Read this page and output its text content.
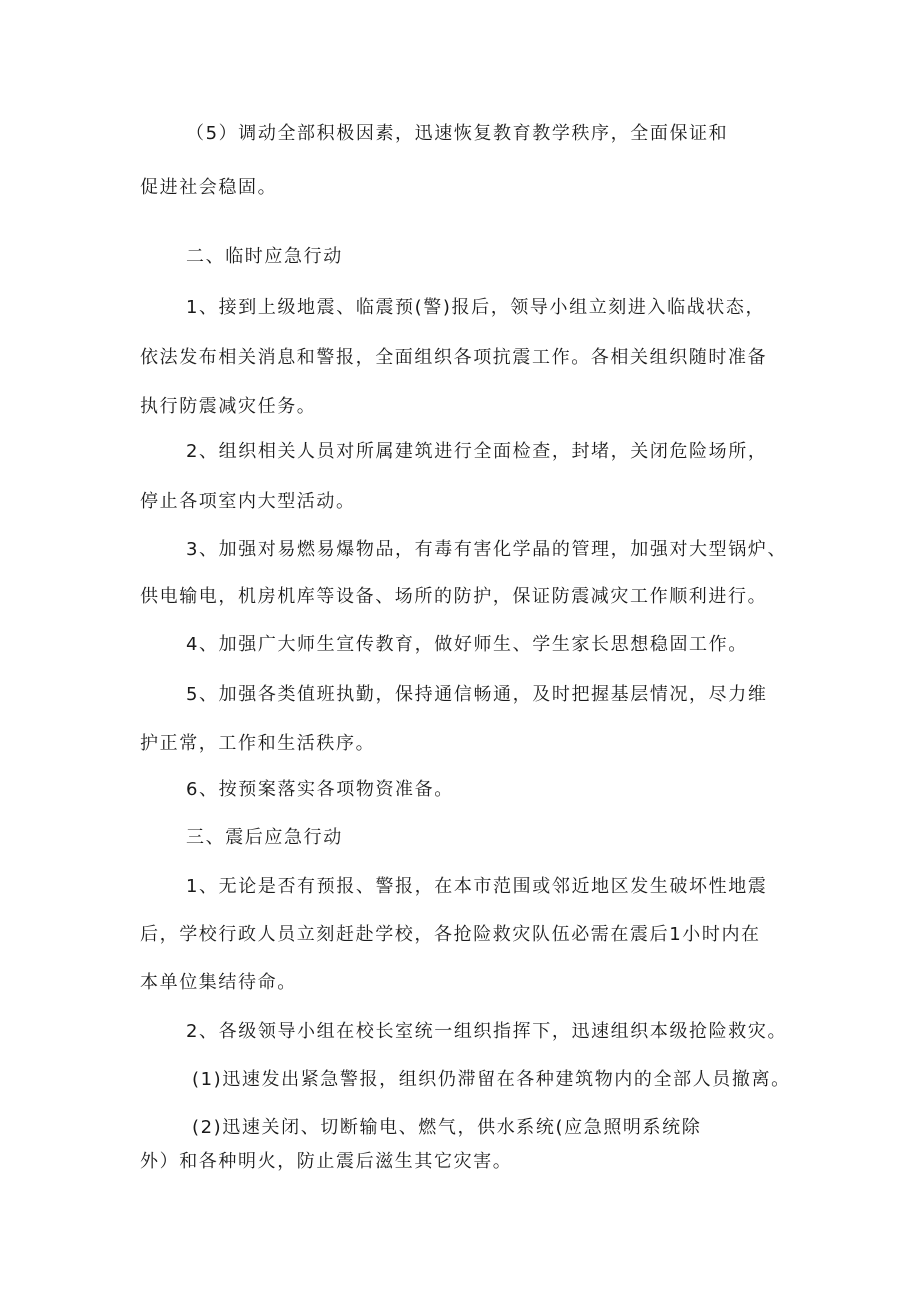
（5）调动全部积极因素，迅速恢复教育教学秩序，全面保证和
促进社会稳固。
二、临时应急行动
1、接到上级地震、临震预(警)报后，领导小组立刻进入临战状态，
依法发布相关消息和警报，全面组织各项抗震工作。各相关组织随时准备
执行防震减灾任务。
2、组织相关人员对所属建筑进行全面检查，封堵，关闭危险场所，
停止各项室内大型活动。
3、加强对易燃易爆物品，有毒有害化学晶的管理，加强对大型锅炉、
供电输电，机房机库等设备、场所的防护，保证防震减灾工作顺利进行。
4、加强广大师生宣传教育，做好师生、学生家长思想稳固工作。
5、加强各类值班执勤，保持通信畅通，及时把握基层情况，尽力维
护正常，工作和生活秩序。
6、按预案落实各项物资准备。
三、震后应急行动
1、无论是否有预报、警报，在本市范围或邻近地区发生破坏性地震
后，学校行政人员立刻赶赴学校，各抢险救灾队伍必需在震后1小时内在
本单位集结待命。
2、各级领导小组在校长室统一组织指挥下，迅速组织本级抢险救灾。
(1)迅速发出紧急警报，组织仍滞留在各种建筑物内的全部人员撤离。
(2)迅速关闭、切断输电、燃气，供水系统(应急照明系统除
外）和各种明火，防止震后滋生其它灾害。
